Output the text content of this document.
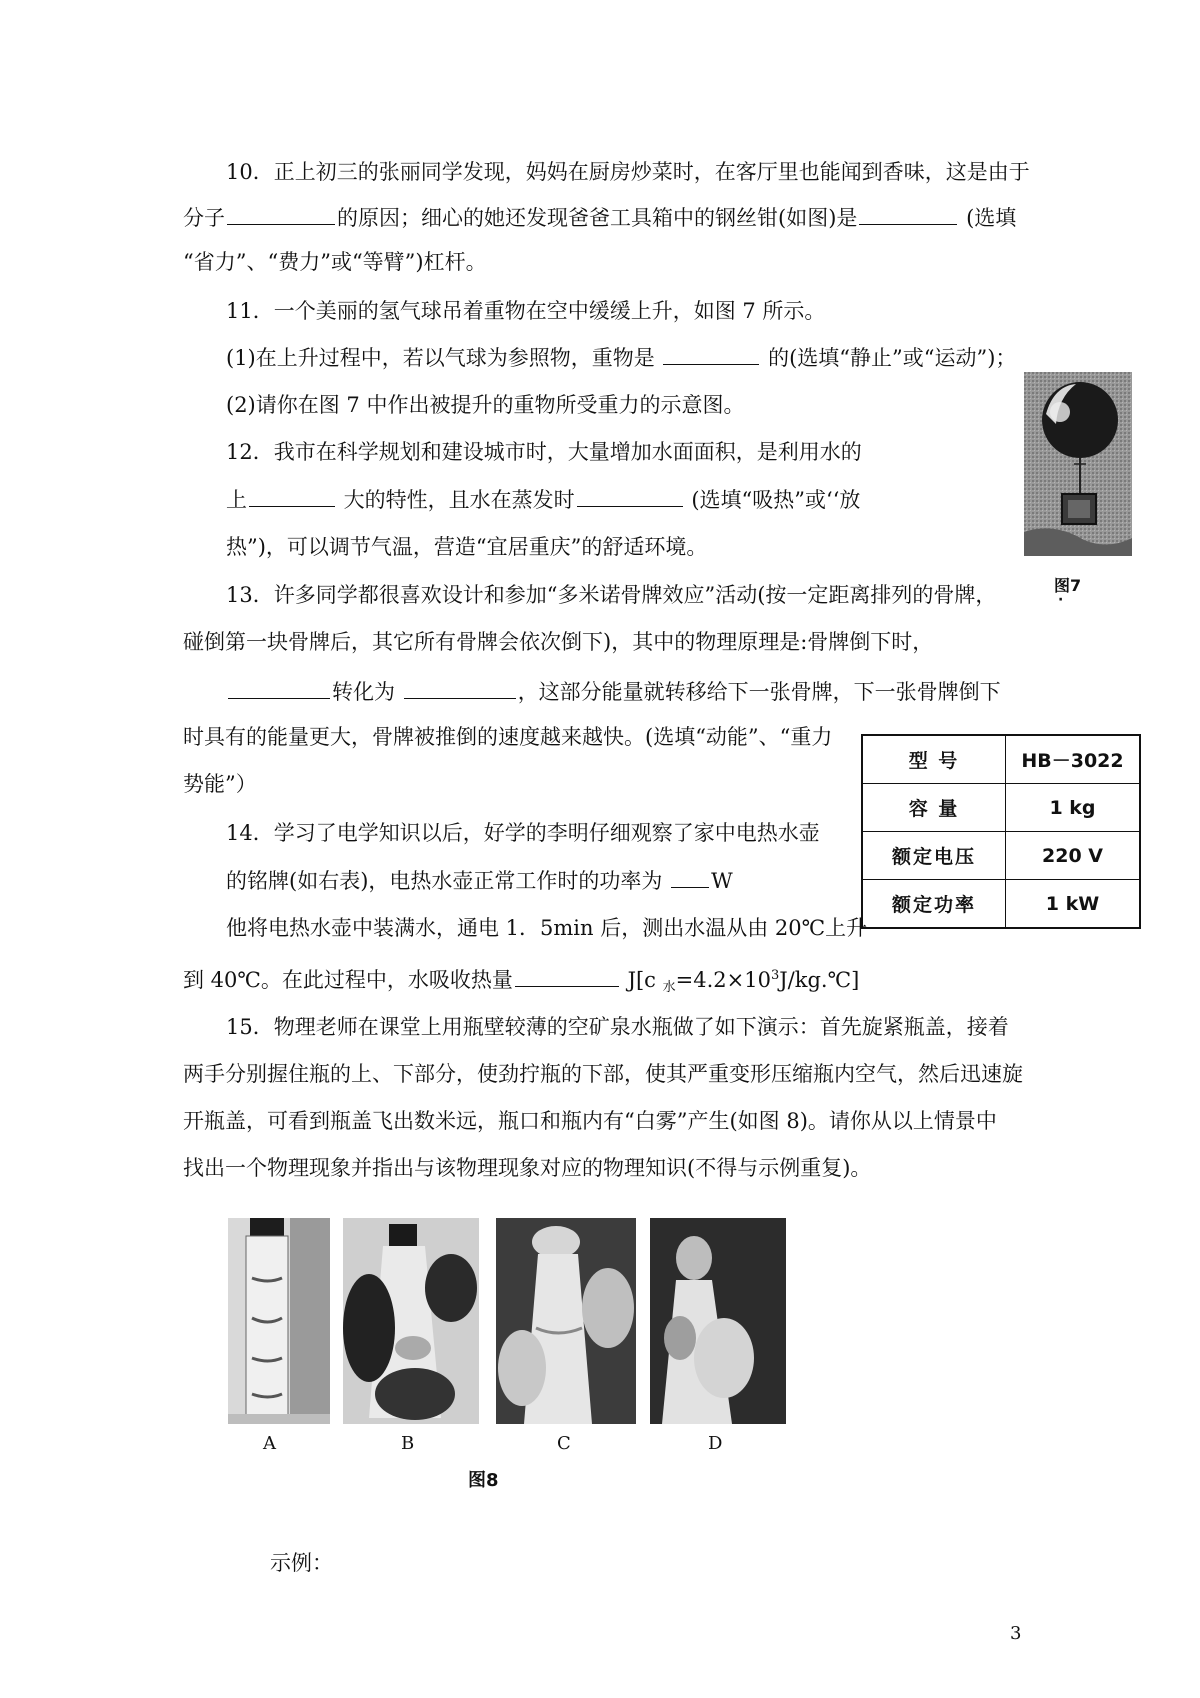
10．正上初三的张丽同学发现，妈妈在厨房炒菜时，在客厅里也能闻到香味，这是由于
分子	的原因；细心的她还发现爸爸工具箱中的钢丝钳(如图)是	(选填
“省力”、“费力”或“等臂”)杠杆。
11．一个美丽的氢气球吊着重物在空中缓缓上升，如图 7 所示。
(1)在上升过程中，若以气球为参照物，重物是	的(选填“静止”或“运动”)；
(2)请你在图 7 中作出被提升的重物所受重力的示意图。
12．我市在科学规划和建设城市时，大量增加水面面积，是利用水的
上	大的特性，且水在蒸发时	(选填“吸热”或‘‘放
热”)，可以调节气温，营造“宜居重庆”的舒适环境。
图7
·
13．许多同学都很喜欢设计和参加“多米诺骨牌效应”活动(按一定距离排列的骨牌，
碰倒第一块骨牌后，其它所有骨牌会依次倒下)，其中的物理原理是:骨牌倒下时，
转化为	，这部分能量就转移给下一张骨牌，下一张骨牌倒下
时具有的能量更大，骨牌被推倒的速度越来越快。(选填“动能”、“重力
势能”）
型 号	HB－3022
容 量	1 kg
额定电压	220 V
额定功率	1 kW
14．学习了电学知识以后，好学的李明仔细观察了家中电热水壶
的铭牌(如右表)，电热水壶正常工作时的功率为 W
他将电热水壶中装满水，通电 1．5min 后，测出水温从由 20℃上升
到 40℃。在此过程中，水吸收热量	J[c $_水=4.2\times 10^3J/kg.℃$]
15．物理老师在课堂上用瓶壁较薄的空矿泉水瓶做了如下演示：首先旋紧瓶盖，接着
两手分别握住瓶的上、下部分，使劲拧瓶的下部，使其严重变形压缩瓶内空气，然后迅速旋
开瓶盖，可看到瓶盖飞出数米远，瓶口和瓶内有“白雾”产生(如图 8)。请你从以上情景中
找出一个物理现象并指出与该物理现象对应的物理知识(不得与示例重复)。
A	B	C	D
图8
示例：
3
